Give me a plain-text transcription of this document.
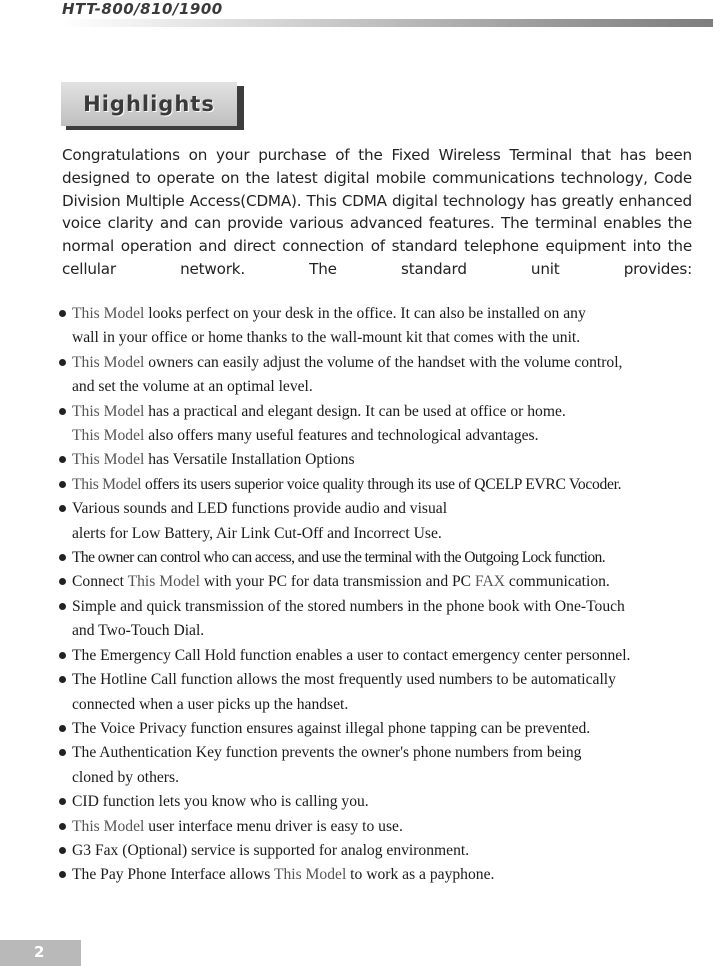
HTT-800/810/1900
Highlights

Congratulations on your purchase of the Fixed Wireless Terminal that has been designed to operate on the latest digital mobile communications technology, Code Division Multiple Access(CDMA). This CDMA digital technology has greatly enhanced voice clarity and can provide various advanced features. The terminal enables the normal operation and direct connection of standard telephone equipment into the cellular network. The standard unit provides:

This Model looks perfect on your desk in the office. It can also be installed on any
wall in your office or home thanks to the wall-mount kit that comes with the unit.
This Model owners can easily adjust the volume of the handset with the volume control,
and set the volume at an optimal level.
This Model has a practical and elegant design. It can be used at office or home.
This Model also offers many useful features and technological advantages.
This Model has Versatile Installation Options
This Model offers its users superior voice quality through its use of QCELP EVRC Vocoder.
Various sounds and LED functions provide audio and visual
alerts for Low Battery, Air Link Cut-Off and Incorrect Use.
The owner can control who can access, and use the terminal with the Outgoing Lock function.
Connect This Model with your PC for data transmission and PC FAX communication.
Simple and quick transmission of the stored numbers in the phone book with One-Touch
and Two-Touch Dial.
The Emergency Call Hold function enables a user to contact emergency center personnel.
The Hotline Call function allows the most frequently used numbers to be automatically
connected when a user picks up the handset.
The Voice Privacy function ensures against illegal phone tapping can be prevented.
The Authentication Key function prevents the owner's phone numbers from being
cloned by others.
CID function lets you know who is calling you.
This Model user interface menu driver is easy to use.
G3 Fax (Optional) service is supported for analog environment.
The Pay Phone Interface allows This Model to work as a payphone.
2
